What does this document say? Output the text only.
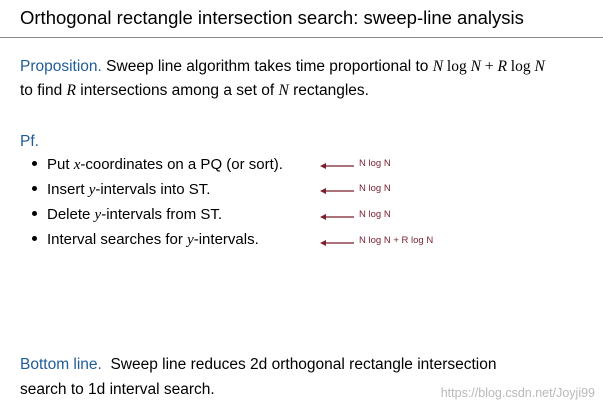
Orthogonal rectangle intersection search: sweep-line analysis
Proposition. Sweep line algorithm takes time proportional to N log N + R log N
to find R intersections among a set of N rectangles.
Pf.
Put x-coordinates on a PQ (or sort).
Insert y-intervals into ST.
Delete y-intervals from ST.
Interval searches for y-intervals.
N log N
N log N
N log N
N log N + R log N
Bottom line.  Sweep line reduces 2d orthogonal rectangle intersection
search to 1d interval search.	https://blog.csdn.net/Joyji99
